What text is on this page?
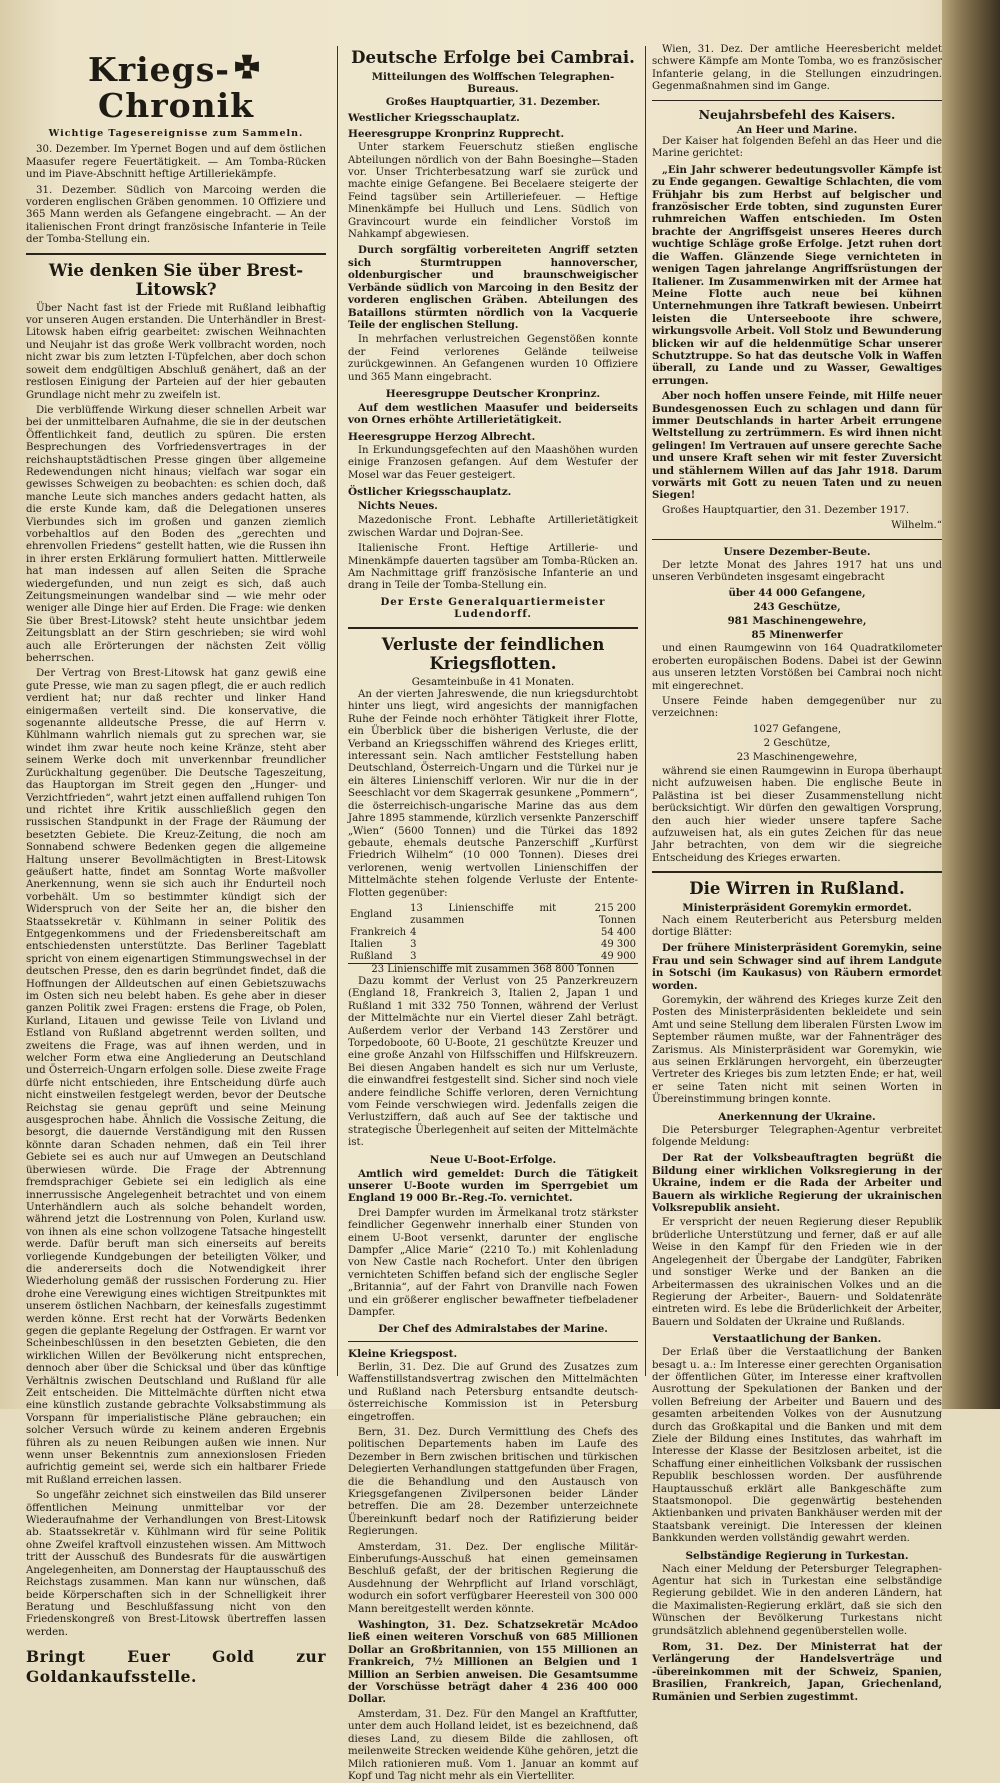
Kriegs-Chronik
Wichtige Tagesereignisse zum Sammeln.

30. Dezember. Im Ypernet Bogen und auf dem östlichen Maasufer regere Feuertätigkeit. — Am Tomba-Rücken und im Piave-Abschnitt heftige Artilleriekämpfe.

31. Dezember. Südlich von Marcoing werden die vorderen englischen Gräben genommen. 10 Offiziere und 365 Mann werden als Gefangene eingebracht. — An der italienischen Front dringt französische Infanterie in Teile der Tomba-Stellung ein.

Wie denken Sie über Brest-Litowsk?

Über Nacht fast ist der Friede mit Rußland leibhaftig vor unseren Augen erstanden. Die Unterhändler in Brest-Litowsk haben eifrig gearbeitet: zwischen Weihnachten und Neujahr ist das große Werk vollbracht worden, noch nicht zwar bis zum letzten I-Tüpfelchen, aber doch schon soweit dem endgültigen Abschluß genähert, daß an der restlosen Einigung der Parteien auf der hier gebauten Grundlage nicht mehr zu zweifeln ist.

Die verblüffende Wirkung dieser schnellen Arbeit war bei der unmittelbaren Aufnahme, die sie in der deutschen Öffentlichkeit fand, deutlich zu spüren. Die ersten Besprechungen des Vorfriedensvertrages in der reichshauptstädtischen Presse gingen über allgemeine Redewendungen nicht hinaus; vielfach war sogar ein gewisses Schweigen zu beobachten: es schien doch, daß manche Leute sich manches anders gedacht hatten, als die erste Kunde kam, daß die Delegationen unseres Vierbundes sich im großen und ganzen ziemlich vorbehaltlos auf den Boden des „gerechten und ehrenvollen Friedens“ gestellt hatten, wie die Russen ihn in ihrer ersten Erklärung formuliert hatten. Mittlerweile hat man indessen auf allen Seiten die Sprache wiedergefunden, und nun zeigt es sich, daß auch Zeitungsmeinungen wandelbar sind — wie mehr oder weniger alle Dinge hier auf Erden. Die Frage: wie denken Sie über Brest-Litowsk? steht heute unsichtbar jedem Zeitungsblatt an der Stirn geschrieben; sie wird wohl auch alle Erörterungen der nächsten Zeit völlig beherrschen.

Der Vertrag von Brest-Litowsk hat ganz gewiß eine gute Presse, wie man zu sagen pflegt, die er auch redlich verdient hat; nur daß rechter und linker Hand einigermaßen verteilt sind. Die konservative, die sogenannte alldeutsche Presse, die auf Herrn v. Kühlmann wahrlich niemals gut zu sprechen war, sie windet ihm zwar heute noch keine Kränze, steht aber seinem Werke doch mit unverkennbar freundlicher Zurückhaltung gegenüber. Die Deutsche Tageszeitung, das Hauptorgan im Streit gegen den „Hunger- und Verzichtfrieden“, wahrt jetzt einen auffallend ruhigen Ton und richtet ihre Kritik ausschließlich gegen den russischen Standpunkt in der Frage der Räumung der besetzten Gebiete. Die Kreuz-Zeitung, die noch am Sonnabend schwere Bedenken gegen die allgemeine Haltung unserer Bevollmächtigten in Brest-Litowsk geäußert hatte, findet am Sonntag Worte maßvoller Anerkennung, wenn sie sich auch ihr Endurteil noch vorbehält. Um so bestimmter kündigt sich der Widerspruch von der Seite her an, die bisher den Staatssekretär v. Kühlmann in seiner Politik des Entgegenkommens und der Friedensbereitschaft am entschiedensten unterstützte. Das Berliner Tageblatt spricht von einem eigenartigen Stimmungswechsel in der deutschen Presse, den es darin begründet findet, daß die Hoffnungen der Alldeutschen auf einen Gebietszuwachs im Osten sich neu belebt haben. Es gehe aber in dieser ganzen Politik zwei Fragen: erstens die Frage, ob Polen, Kurland, Litauen und gewisse Teile von Livland und Estland von Rußland abgetrennt werden sollten, und zweitens die Frage, was auf ihnen werden, und in welcher Form etwa eine Angliederung an Deutschland und Österreich-Ungarn erfolgen solle. Diese zweite Frage dürfe nicht entschieden, ihre Entscheidung dürfe auch nicht einstweilen festgelegt werden, bevor der Deutsche Reichstag sie genau geprüft und seine Meinung ausgesprochen habe. Ähnlich die Vossische Zeitung, die besorgt, die dauernde Verständigung mit den Russen könnte daran Schaden nehmen, daß ein Teil ihrer Gebiete sei es auch nur auf Umwegen an Deutschland überwiesen würde. Die Frage der Abtrennung fremdsprachiger Gebiete sei ein lediglich als eine innerrussische Angelegenheit betrachtet und von einem Unterhändlern auch als solche behandelt worden, während jetzt die Lostrennung von Polen, Kurland usw. von ihnen als eine schon vollzogene Tatsache hingestellt werde. Dafür beruft man sich einerseits auf bereits vorliegende Kundgebungen der beteiligten Völker, und die andererseits doch die Notwendigkeit ihrer Wiederholung gemäß der russischen Forderung zu. Hier drohe eine Verewigung eines wichtigen Streitpunktes mit unserem östlichen Nachbarn, der keinesfalls zugestimmt werden könne. Erst recht hat der Vorwärts Bedenken gegen die geplante Regelung der Ostfragen. Er warnt vor Scheinbeschlüssen in den besetzten Gebieten, die den wirklichen Willen der Bevölkerung nicht entsprechen, dennoch aber über die Schicksal und über das künftige Verhältnis zwischen Deutschland und Rußland für alle Zeit entscheiden. Die Mittelmächte dürften nicht etwa eine künstlich zustande gebrachte Volksabstimmung als Vorspann für imperialistische Pläne gebrauchen; ein solcher Versuch würde zu keinem anderen Ergebnis führen als zu neuen Reibungen außen wie innen. Nur wenn unser Bekenntnis zum annexionslosen Frieden aufrichtig gemeint sei, werde sich ein haltbarer Friede mit Rußland erreichen lassen.

So ungefähr zeichnet sich einstweilen das Bild unserer öffentlichen Meinung unmittelbar vor der Wiederaufnahme der Verhandlungen von Brest-Litowsk ab. Staatssekretär v. Kühlmann wird für seine Politik ohne Zweifel kraftvoll einzustehen wissen. Am Mittwoch tritt der Ausschuß des Bundesrats für die auswärtigen Angelegenheiten, am Donnerstag der Hauptausschuß des Reichstags zusammen. Man kann nur wünschen, daß beide Körperschaften sich in der Schnelligkeit ihrer Beratung und Beschlußfassung nicht von den Friedenskongreß von Brest-Litowsk übertreffen lassen werden.

Bringt Euer Gold zur Goldankaufsstelle.
Deutsche Erfolge bei Cambrai.
Mitteilungen des Wolffschen Telegraphen-Bureaus.
Großes Hauptquartier, 31. Dezember.
Westlicher Kriegsschauplatz.
Heeresgruppe Kronprinz Rupprecht.

Unter starkem Feuerschutz stießen englische Abteilungen nördlich von der Bahn Boesinghe—Staden vor. Unser Trichterbesatzung warf sie zurück und machte einige Gefangene. Bei Becelaere steigerte der Feind tagsüber sein Artilleriefeuer. — Heftige Minenkämpfe bei Hulluch und Lens. Südlich von Gravincourt wurde ein feindlicher Vorstoß im Nahkampf abgewiesen.

Durch sorgfältig vorbereiteten Angriff setzten sich Sturmtruppen hannoverscher, oldenburgischer und braunschweigischer Verbände südlich von Marcoing in den Besitz der vorderen englischen Gräben. Abteilungen des Bataillons stürmten nördlich von la Vacquerie Teile der englischen Stellung.

In mehrfachen verlustreichen Gegenstößen konnte der Feind verlorenes Gelände teilweise zurückgewinnen. An Gefangenen wurden 10 Offiziere und 365 Mann eingebracht.

Heeresgruppe Deutscher Kronprinz.

Auf dem westlichen Maasufer und beiderseits von Ornes erhöhte Artillerietätigkeit.

Heeresgruppe Herzog Albrecht.

In Erkundungsgefechten auf den Maashöhen wurden einige Franzosen gefangen. Auf dem Westufer der Mosel war das Feuer gesteigert.

Östlicher Kriegsschauplatz.

Nichts Neues.

Mazedonische Front. Lebhafte Artillerietätigkeit zwischen Wardar und Dojran-See.

Italienische Front. Heftige Artillerie- und Minenkämpfe dauerten tagsüber am Tomba-Rücken an. Am Nachmittage griff französische Infanterie an und drang in Teile der Tomba-Stellung ein.

Der Erste Generalquartiermeister Ludendorff.
Verluste der feindlichen Kriegsflotten.
Gesamteinbuße in 41 Monaten.

An der vierten Jahreswende, die nun kriegsdurchtobt hinter uns liegt, wird angesichts der mannigfachen Ruhe der Feinde noch erhöhter Tätigkeit ihrer Flotte, ein Überblick über die bisherigen Verluste, die der Verband an Kriegsschiffen während des Krieges erlitt, interessant sein. Nach amtlicher Feststellung haben Deutschland, Österreich-Ungarn und die Türkei nur je ein älteres Linienschiff verloren. Wir nur die in der Seeschlacht vor dem Skagerrak gesunkene „Pommern“, die österreichisch-ungarische Marine das aus dem Jahre 1895 stammende, kürzlich versenkte Panzerschiff „Wien“ (5600 Tonnen) und die Türkei das 1892 gebaute, ehemals deutsche Panzerschiff „Kurfürst Friedrich Wilhelm“ (10 000 Tonnen). Dieses drei verlorenen, wenig wertvollen Linienschiffen der Mittelmächte stehen folgende Verluste der Entente-Flotten gegenüber:

England	13 Linienschiffe mit zusammen	215 200 Tonnen
Frankreich	4	54 400
Italien	3	49 300
Rußland	3	49 900
23 Linienschiffe mit zusammen 368 800 Tonnen		

Dazu kommt der Verlust von 25 Panzerkreuzern (England 18, Frankreich 3, Italien 2, Japan 1 und Rußland 1 mit 332 750 Tonnen, während der Verlust der Mittelmächte nur ein Viertel dieser Zahl beträgt. Außerdem verlor der Verband 143 Zerstörer und Torpedoboote, 60 U-Boote, 21 geschützte Kreuzer und eine große Anzahl von Hilfsschiffen und Hilfskreuzern. Bei diesen Angaben handelt es sich nur um Verluste, die einwandfrei festgestellt sind. Sicher sind noch viele andere feindliche Schiffe verloren, deren Vernichtung vom Feinde verschwiegen wird. Jedenfalls zeigen die Verlustziffern, daß auch auf See der taktische und strategische Überlegenheit auf seiten der Mittelmächte ist.

Neue U-Boot-Erfolge.

Amtlich wird gemeldet: Durch die Tätigkeit unserer U-Boote wurden im Sperrgebiet um England 19 000 Br.-Reg.-To. vernichtet.

Drei Dampfer wurden im Ärmelkanal trotz stärkster feindlicher Gegenwehr innerhalb einer Stunden von einem U-Boot versenkt, darunter der englische Dampfer „Alice Marie“ (2210 To.) mit Kohlenladung von New Castle nach Rochefort. Unter den übrigen vernichteten Schiffen befand sich der englische Segler „Britannia“, auf der Fahrt von Dranville nach Fowen und ein größerer englischer bewaffneter tiefbeladener Dampfer.

Der Chef des Admiralstabes der Marine.
Kleine Kriegspost.

Berlin, 31. Dez. Die auf Grund des Zusatzes zum Waffenstillstandsvertrag zwischen den Mittelmächten und Rußland nach Petersburg entsandte deutsch-österreichische Kommission ist in Petersburg eingetroffen.

Bern, 31. Dez. Durch Vermittlung des Chefs des politischen Departements haben im Laufe des Dezember in Bern zwischen britischen und türkischen Delegierten Verhandlungen stattgefunden über Fragen, die die Behandlung und den Austausch von Kriegsgefangenen Zivilpersonen beider Länder betreffen. Die am 28. Dezember unterzeichnete Übereinkunft bedarf noch der Ratifizierung beider Regierungen.

Amsterdam, 31. Dez. Der englische Militär-Einberufungs-Ausschuß hat einen gemeinsamen Beschluß gefaßt, der der britischen Regierung die Ausdehnung der Wehrpflicht auf Irland vorschlägt, wodurch ein sofort verfügbarer Heeresteil von 300 000 Mann bereitgestellt werden könnte.

Washington, 31. Dez. Schatzsekretär McAdoo ließ einen weiteren Vorschuß von 685 Millionen Dollar an Großbritannien, von 155 Millionen an Frankreich, 7½ Millionen an Belgien und 1 Million an Serbien anweisen. Die Gesamtsumme der Vorschüsse beträgt daher 4 236 400 000 Dollar.

Amsterdam, 31. Dez. Für den Mangel an Kraftfutter, unter dem auch Holland leidet, ist es bezeichnend, daß dieses Land, zu diesem Bilde die zahllosen, oft meilenweite Strecken weidende Kühe gehören, jetzt die Milch rationieren muß. Vom 1. Januar an kommt auf Kopf und Tag nicht mehr als ein Viertelliter.

Wien, 31. Dez. Der amtliche Heeresbericht meldet schwere Kämpfe am Monte Tomba, wo es französischer Infanterie gelang, in die Stellungen einzudringen. Gegenmaßnahmen sind im Gange.

Neujahrsbefehl des Kaisers.
An Heer und Marine.

Der Kaiser hat folgenden Befehl an das Heer und die Marine gerichtet:

„Ein Jahr schwerer bedeutungsvoller Kämpfe ist zu Ende gegangen. Gewaltige Schlachten, die vom Frühjahr bis zum Herbst auf belgischer und französischer Erde tobten, sind zugunsten Eurer ruhmreichen Waffen entschieden. Im Osten brachte der Angriffsgeist unseres Heeres durch wuchtige Schläge große Erfolge. Jetzt ruhen dort die Waffen. Glänzende Siege vernichteten in wenigen Tagen jahrelange Angriffsrüstungen der Italiener. Im Zusammenwirken mit der Armee hat Meine Flotte auch neue bei kühnen Unternehmungen ihre Tatkraft bewiesen. Unbeirrt leisten die Unterseeboote ihre schwere, wirkungsvolle Arbeit. Voll Stolz und Bewunderung blicken wir auf die heldenmütige Schar unserer Schutztruppe. So hat das deutsche Volk in Waffen überall, zu Lande und zu Wasser, Gewaltiges errungen.

Aber noch hoffen unsere Feinde, mit Hilfe neuer Bundesgenossen Euch zu schlagen und dann für immer Deutschlands in harter Arbeit errungene Weltstellung zu zertrümmern. Es wird ihnen nicht gelingen! Im Vertrauen auf unsere gerechte Sache und unsere Kraft sehen wir mit fester Zuversicht und stählernem Willen auf das Jahr 1918. Darum vorwärts mit Gott zu neuen Taten und zu neuen Siegen!

Großes Hauptquartier, den 31. Dezember 1917.

Wilhelm.“
Unsere Dezember-Beute.

Der letzte Monat des Jahres 1917 hat uns und unseren Verbündeten insgesamt eingebracht

über 44 000 Gefangene,
243 Geschütze,
981 Maschinengewehre,
85 Minenwerfer

und einen Raumgewinn von 164 Quadratkilometer eroberten europäischen Bodens. Dabei ist der Gewinn aus unseren letzten Vorstößen bei Cambrai noch nicht mit eingerechnet.

Unsere Feinde haben demgegenüber nur zu verzeichnen:

1027 Gefangene,
2 Geschütze,
23 Maschinengewehre,

während sie einen Raumgewinn in Europa überhaupt nicht aufzuweisen haben. Die englische Beute in Palästina ist bei dieser Zusammenstellung nicht berücksichtigt. Wir dürfen den gewaltigen Vorsprung, den auch hier wieder unsere tapfere Sache aufzuweisen hat, als ein gutes Zeichen für das neue Jahr betrachten, von dem wir die siegreiche Entscheidung des Krieges erwarten.

Die Wirren in Rußland.
Ministerpräsident Goremykin ermordet.

Nach einem Reuterbericht aus Petersburg melden dortige Blätter:

Der frühere Ministerpräsident Goremykin, seine Frau und sein Schwager sind auf ihrem Landgute in Sotschi (im Kaukasus) von Räubern ermordet worden.

Goremykin, der während des Krieges kurze Zeit den Posten des Ministerpräsidenten bekleidete und sein Amt und seine Stellung dem liberalen Fürsten Lwow im September räumen mußte, war der Fahnenträger des Zarismus. Als Ministerpräsident war Goremykin, wie aus seinen Erklärungen hervorgeht, ein überzeugter Vertreter des Krieges bis zum letzten Ende; er hat, weil er seine Taten nicht mit seinen Worten in Übereinstimmung bringen konnte.

Anerkennung der Ukraine.

Die Petersburger Telegraphen-Agentur verbreitet folgende Meldung:

Der Rat der Volksbeauftragten begrüßt die Bildung einer wirklichen Volksregierung in der Ukraine, indem er die Rada der Arbeiter und Bauern als wirkliche Regierung der ukrainischen Volksrepublik ansieht.

Er verspricht der neuen Regierung dieser Republik brüderliche Unterstützung und ferner, daß er auf alle Weise in den Kampf für den Frieden wie in der Angelegenheit der Übergabe der Landgüter, Fabriken und sonstiger Werke und der Banken an die Arbeitermassen des ukrainischen Volkes und an die Regierung der Arbeiter-, Bauern- und Soldatenräte eintreten wird. Es lebe die Brüderlichkeit der Arbeiter, Bauern und Soldaten der Ukraine und Rußlands.

Verstaatlichung der Banken.

Der Erlaß über die Verstaatlichung der Banken besagt u. a.: Im Interesse einer gerechten Organisation der öffentlichen Güter, im Interesse einer kraftvollen Ausrottung der Spekulationen der Banken und der vollen Befreiung der Arbeiter und Bauern und des gesamten arbeitenden Volkes von der Ausnutzung durch das Großkapital und die Banken und mit dem Ziele der Bildung eines Institutes, das wahrhaft im Interesse der Klasse der Besitzlosen arbeitet, ist die Schaffung einer einheitlichen Volksbank der russischen Republik beschlossen worden. Der ausführende Hauptausschuß erklärt alle Bankgeschäfte zum Staatsmonopol. Die gegenwärtig bestehenden Aktienbanken und privaten Bankhäuser werden mit der Staatsbank vereinigt. Die Interessen der kleinen Bankkunden werden vollständig gewahrt werden.

Selbständige Regierung in Turkestan.

Nach einer Meldung der Petersburger Telegraphen-Agentur hat sich in Turkestan eine selbständige Regierung gebildet. Wie in den anderen Ländern, hat die Maximalisten-Regierung erklärt, daß sie sich den Wünschen der Bevölkerung Turkestans nicht grundsätzlich ablehnend gegenüberstellen wolle.

Rom, 31. Dez. Der Ministerrat hat der Verlängerung der Handelsverträge und -übereinkommen mit der Schweiz, Spanien, Brasilien, Frankreich, Japan, Griechenland, Rumänien und Serbien zugestimmt.
